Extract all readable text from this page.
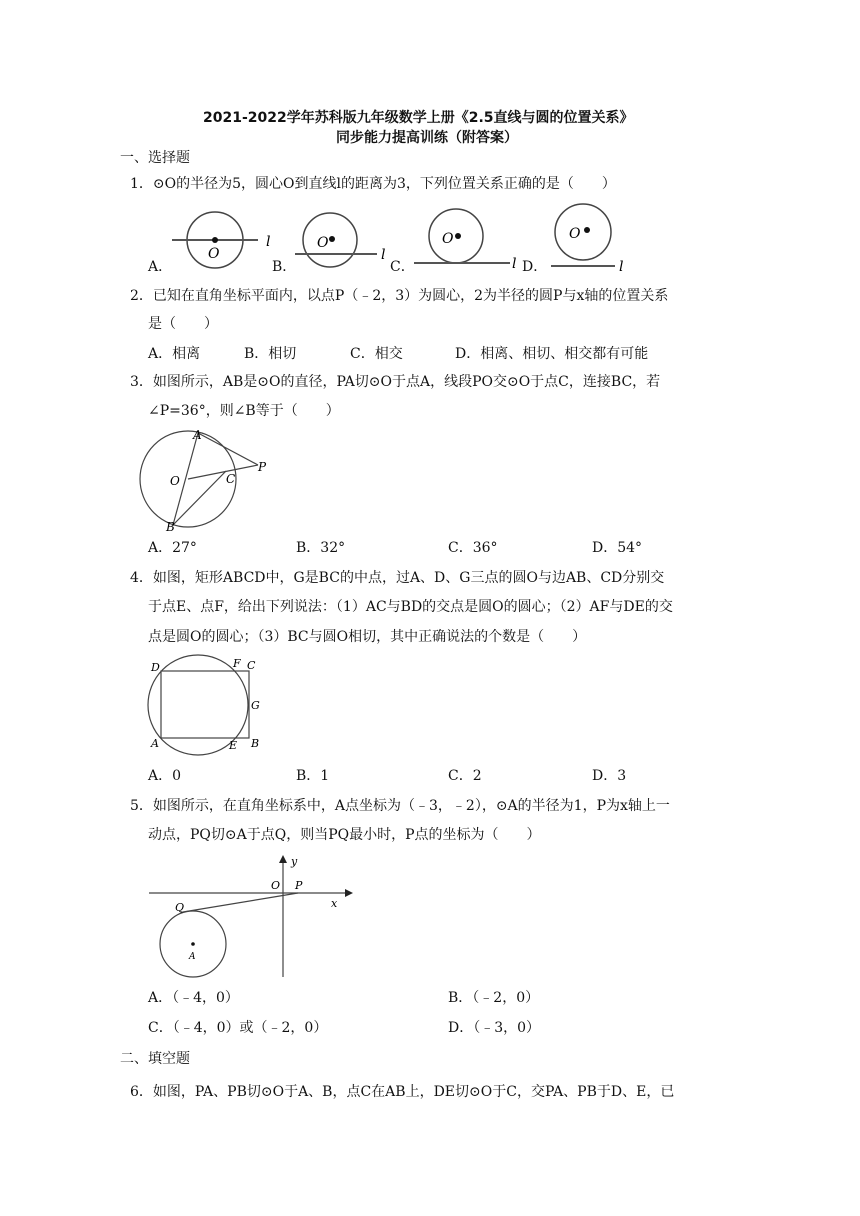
2021-2022学年苏科版九年级数学上册《2.5直线与圆的位置关系》
同步能力提高训练（附答案）
一、选择题
1．⊙O的半径为5，圆心O到直线l的距离为3，下列位置关系正确的是（　　）
A．
O
l
B．
O
l
C．
O
l D．
O
l
2．已知在直角坐标平面内，以点P（﹣2，3）为圆心，2为半径的圆P与x轴的位置关系
是（　　）
A．相离	B．相切	C．相交	D．相离、相切、相交都有可能
3．如图所示，AB是⊙O的直径，PA切⊙O于点A，线段PO交⊙O于点C，连接BC，若
∠P=36°，则∠B等于（　　）
A
O	C
P
B
A．27°	B．32°	C．36°	D．54°
4．如图，矩形ABCD中，G是BC的中点，过A、D、G三点的圆O与边AB、CD分别交
于点E、点F，给出下列说法：（1）AC与BD的交点是圆O的圆心；（2）AF与DE的交
点是圆O的圆心；（3）BC与圆O相切，其中正确说法的个数是（　　）
D	F C
G
A	E B
A．0	B．1	C．2	D．3
5．如图所示，在直角坐标系中，A点坐标为（﹣3，﹣2），⊙A的半径为1，P为x轴上一
动点，PQ切⊙A于点Q，则当PQ最小时，P点的坐标为（　　）
y
O P
x
Q
A
A．（﹣4，0）	B．（﹣2，0）
C．（﹣4，0）或（﹣2，0）	D．（﹣3，0）
二、填空题
6．如图，PA、PB切⊙O于A、B，点C在AB上，DE切⊙O于C，交PA、PB于D、E，已
